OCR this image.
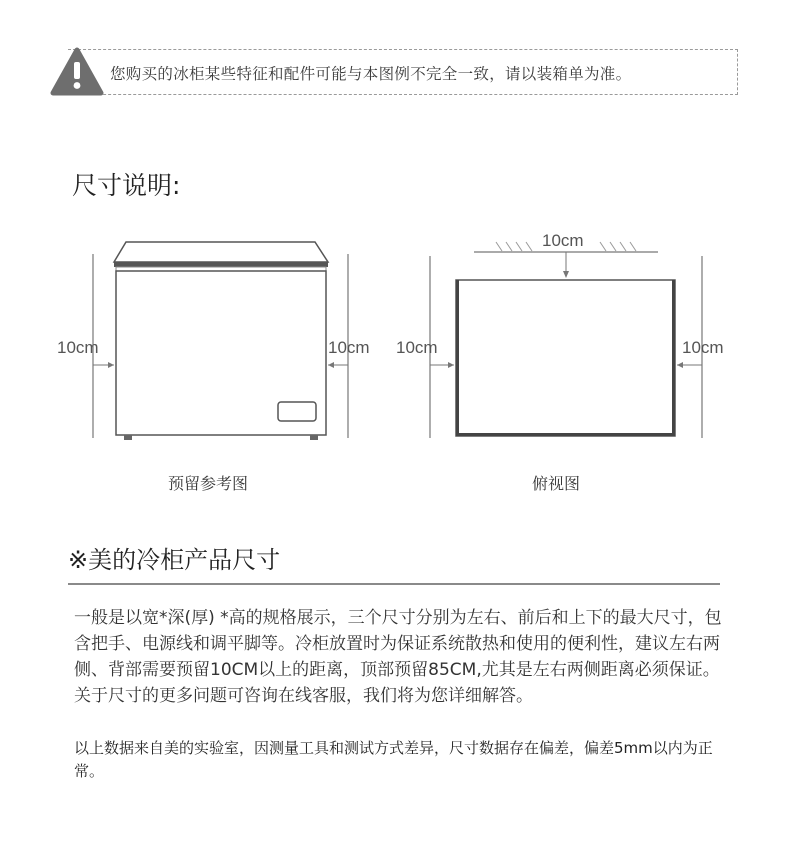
您购买的冰柜某些特征和配件可能与本图例不完全一致，请以装箱单为准。
尺寸说明:
10cm	10cm
10cm
10cm	10cm
预留参考图	俯视图
※美的冷柜产品尺寸

一般是以宽*深(厚) *高的规格展示，三个尺寸分别为左右、前后和上下的最大尺寸，包含把手、电源线和调平脚等。冷柜放置时为保证系统散热和使用的便利性，建议左右两侧、背部需要预留10CM以上的距离，顶部预留85CM,尤其是左右两侧距离必须保证。关于尺寸的更多问题可咨询在线客服，我们将为您详细解答。

以上数据来自美的实验室，因测量工具和测试方式差异，尺寸数据存在偏差，偏差5mm以内为正常。
